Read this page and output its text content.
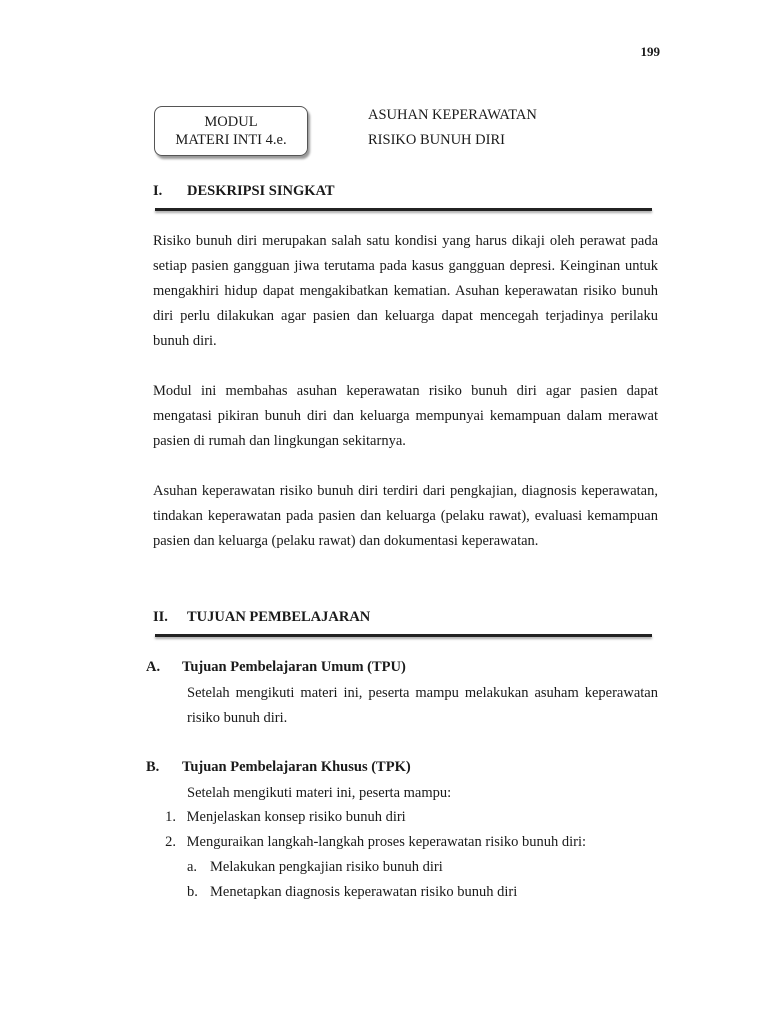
199
MODUL
MATERI INTI 4.e.
ASUHAN KEPERAWATAN
RISIKO BUNUH DIRI
I. DESKRIPSI SINGKAT

Risiko bunuh diri merupakan salah satu kondisi yang harus dikaji oleh perawat pada setiap pasien gangguan jiwa terutama pada kasus gangguan depresi. Keinginan untuk mengakhiri hidup dapat mengakibatkan kematian. Asuhan keperawatan risiko bunuh diri perlu dilakukan agar pasien dan keluarga dapat mencegah terjadinya perilaku bunuh diri.

Modul ini membahas asuhan keperawatan risiko bunuh diri agar pasien dapat mengatasi pikiran bunuh diri dan keluarga mempunyai kemampuan dalam merawat pasien di rumah dan lingkungan sekitarnya.

Asuhan keperawatan risiko bunuh diri terdiri dari pengkajian, diagnosis keperawatan, tindakan keperawatan pada pasien dan keluarga (pelaku rawat), evaluasi kemampuan pasien dan keluarga (pelaku rawat) dan dokumentasi keperawatan.

II. TUJUAN PEMBELAJARAN
A. Tujuan Pembelajaran Umum (TPU)

Setelah mengikuti materi ini, peserta mampu melakukan asuham keperawatan risiko bunuh diri.

B. Tujuan Pembelajaran Khusus (TPK)
Setelah mengikuti materi ini, peserta mampu:
1. Menjelaskan konsep risiko bunuh diri
2. Menguraikan langkah-langkah proses keperawatan risiko bunuh diri:
a. Melakukan pengkajian risiko bunuh diri
b. Menetapkan diagnosis keperawatan risiko bunuh diri
